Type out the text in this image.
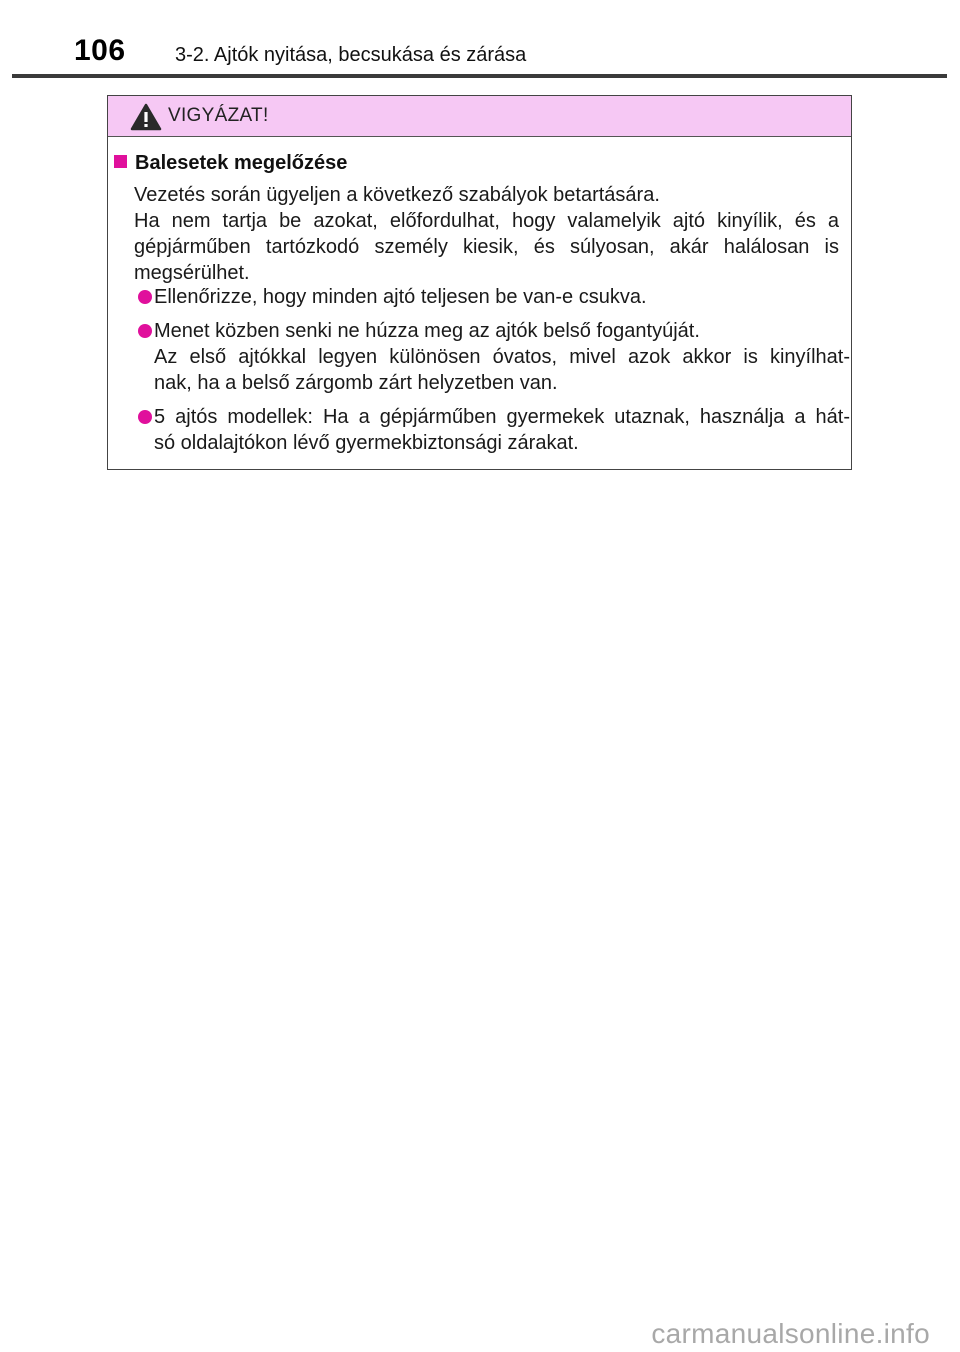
106 3-2. Ajtók nyitása, becsukása és zárása
VIGYÁZAT!
Balesetek megelőzése
Vezetés során ügyeljen a következő szabályok betartására.
Ha nem tartja be azokat, előfordulhat, hogy valamelyik ajtó kinyílik, és a
gépjárműben tartózkodó személy kiesik, és súlyosan, akár halálosan is
megsérülhet.
Ellenőrizze, hogy minden ajtó teljesen be van-e csukva.
Menet közben senki ne húzza meg az ajtók belső fogantyúját.
Az első ajtókkal legyen különösen óvatos, mivel azok akkor is kinyílhat-
nak, ha a belső zárgomb zárt helyzetben van.
5 ajtós modellek: Ha a gépjárműben gyermekek utaznak, használja a hát-
só oldalajtókon lévő gyermekbiztonsági zárakat.
carmanualsonline.info
